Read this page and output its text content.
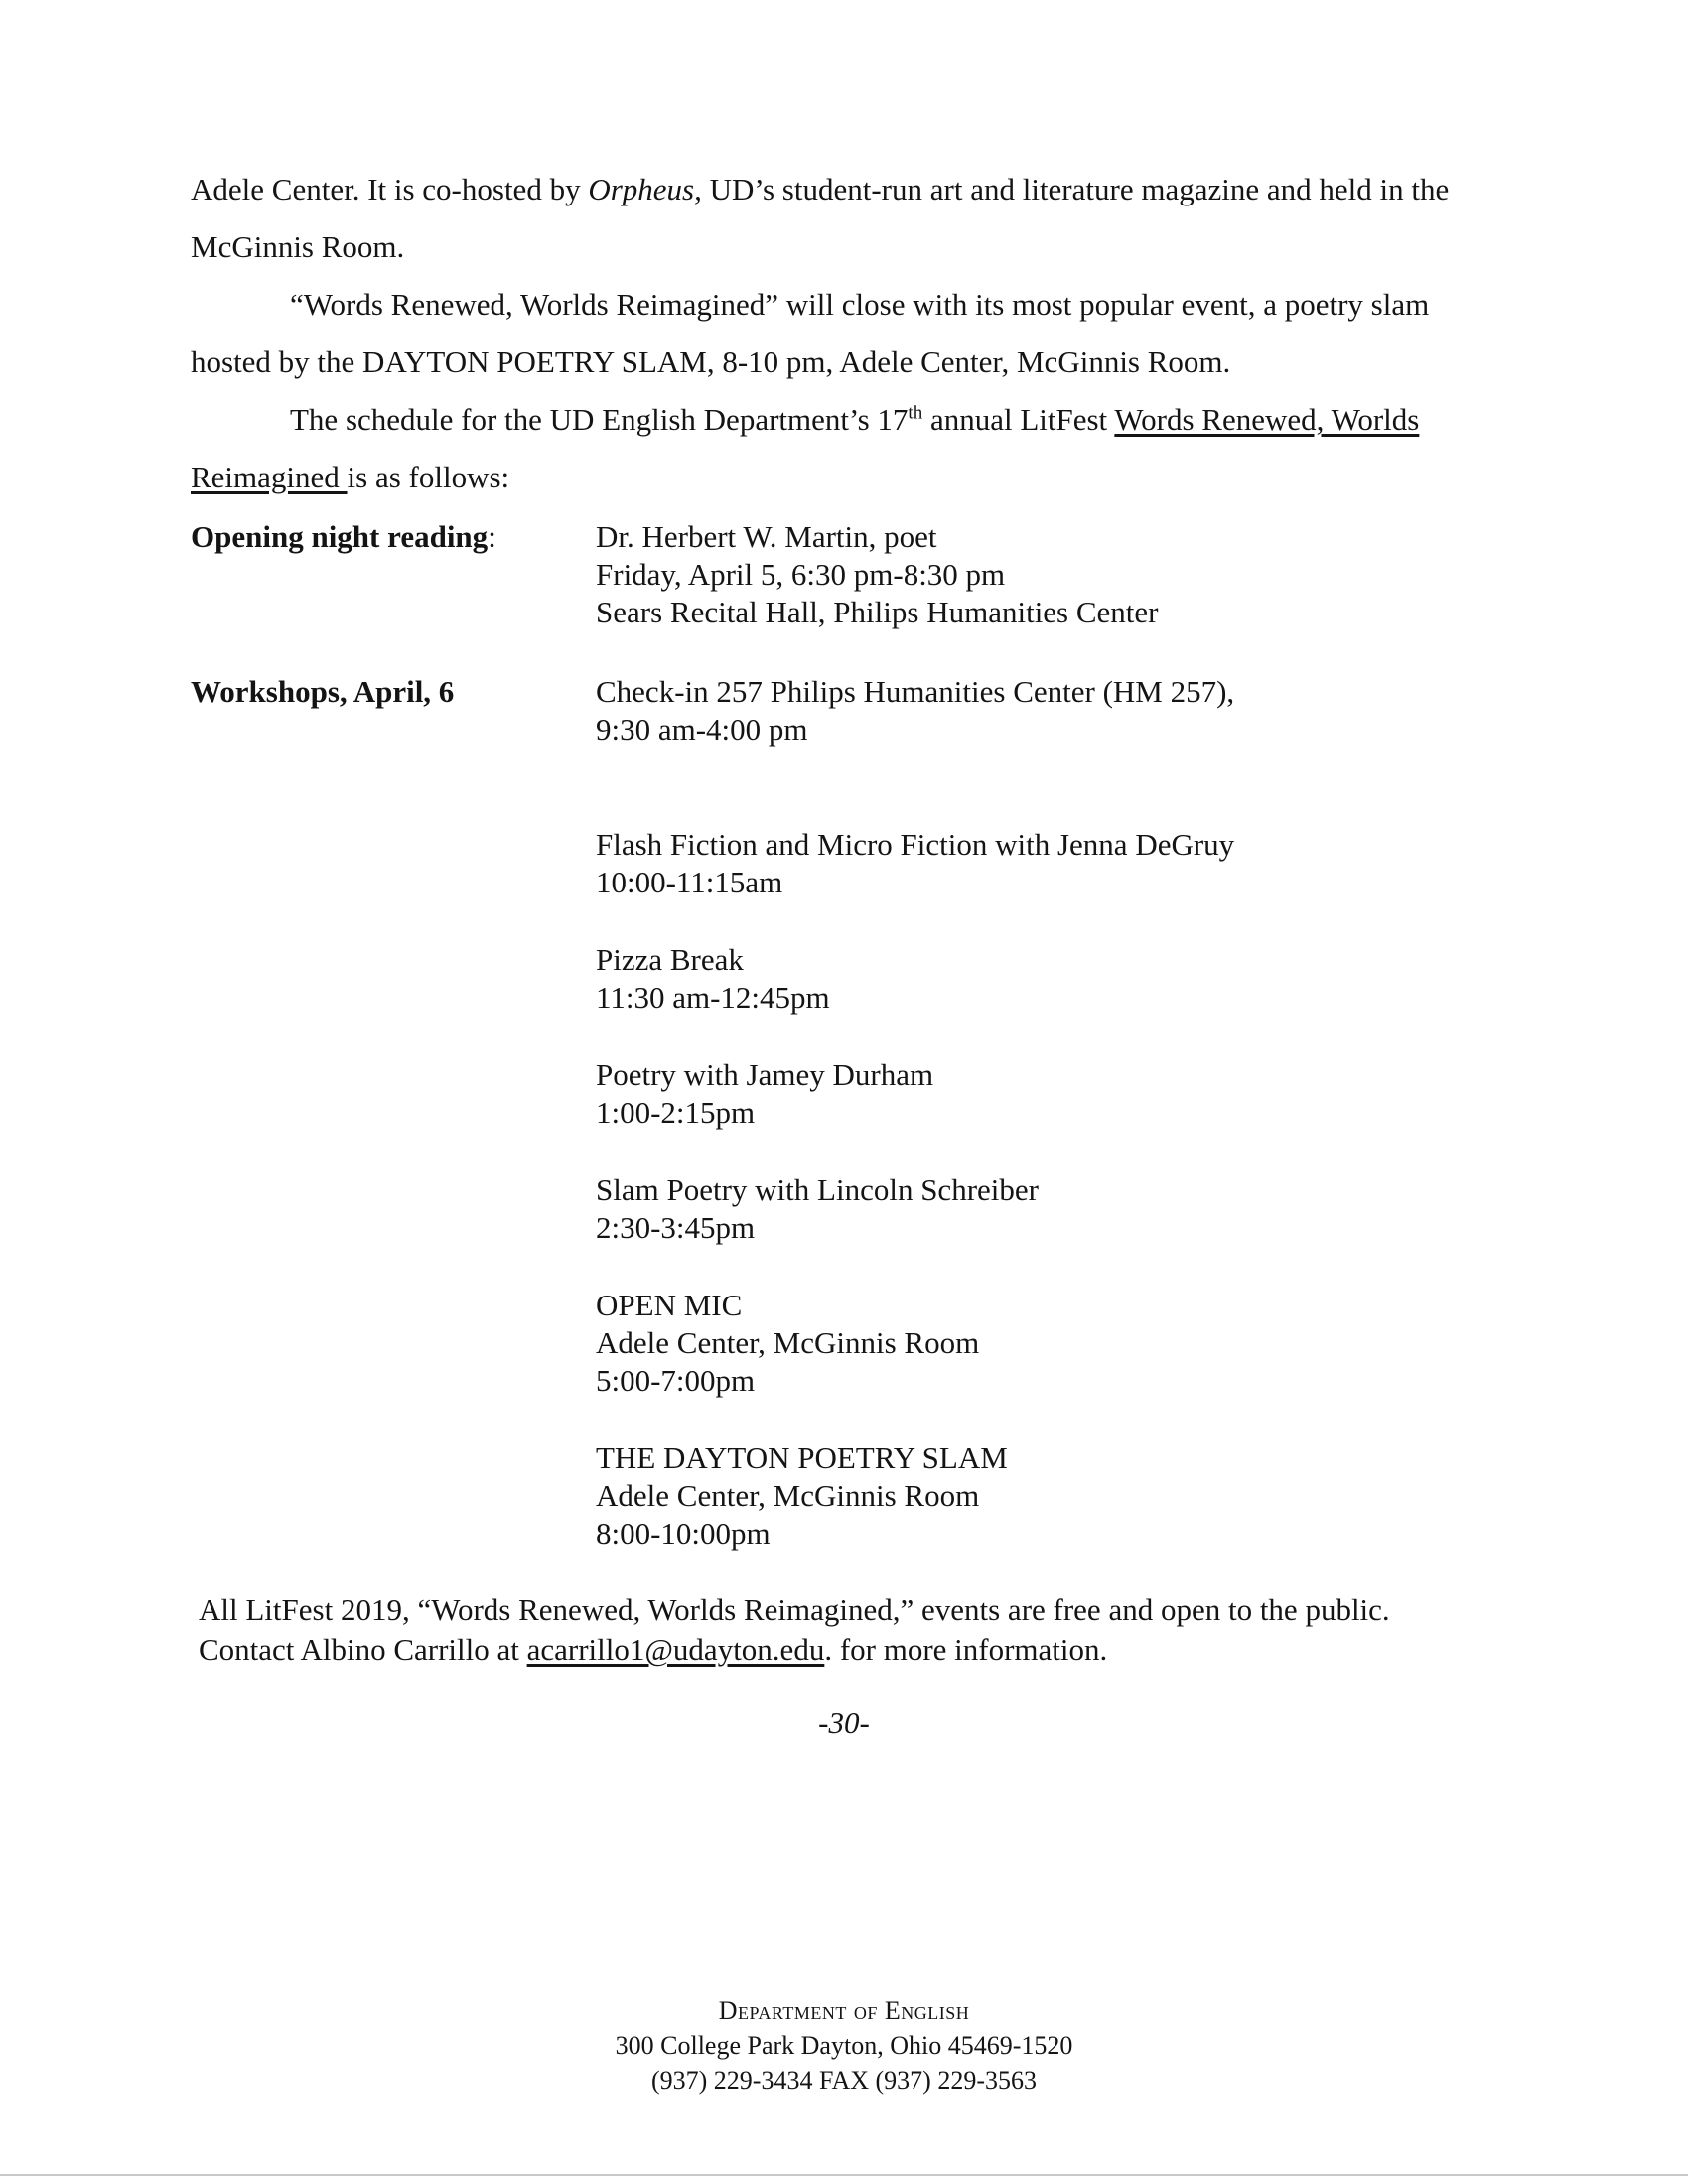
Adele Center. It is co-hosted by Orpheus, UD’s student-run art and literature magazine and held in the McGinnis Room.

“Words Renewed, Worlds Reimagined” will close with its most popular event, a poetry slam hosted by the DAYTON POETRY SLAM, 8-10 pm, Adele Center, McGinnis Room.

The schedule for the UD English Department’s 17th annual LitFest Words Renewed, Worlds Reimagined is as follows:

Opening night reading:	Dr. Herbert W. Martin, poet
Friday, April 5, 6:30 pm-8:30 pm
Sears Recital Hall, Philips Humanities Center
Workshops, April, 6	Check-in 257 Philips Humanities Center (HM 257),
9:30 am-4:00 pm
Flash Fiction and Micro Fiction with Jenna DeGruy
10:00-11:15am
Pizza Break
11:30 am-12:45pm
Poetry with Jamey Durham
1:00-2:15pm
Slam Poetry with Lincoln Schreiber
2:30-3:45pm
OPEN MIC
Adele Center, McGinnis Room
5:00-7:00pm
THE DAYTON POETRY SLAM
Adele Center, McGinnis Room
8:00-10:00pm
All LitFest 2019, “Words Renewed, Worlds Reimagined,” events are free and open to the public.
Contact Albino Carrillo at acarrillo1@udayton.edu. for more information.
-30-
Department of English
300 College Park Dayton, Ohio 45469-1520
(937) 229-3434 FAX (937) 229-3563
